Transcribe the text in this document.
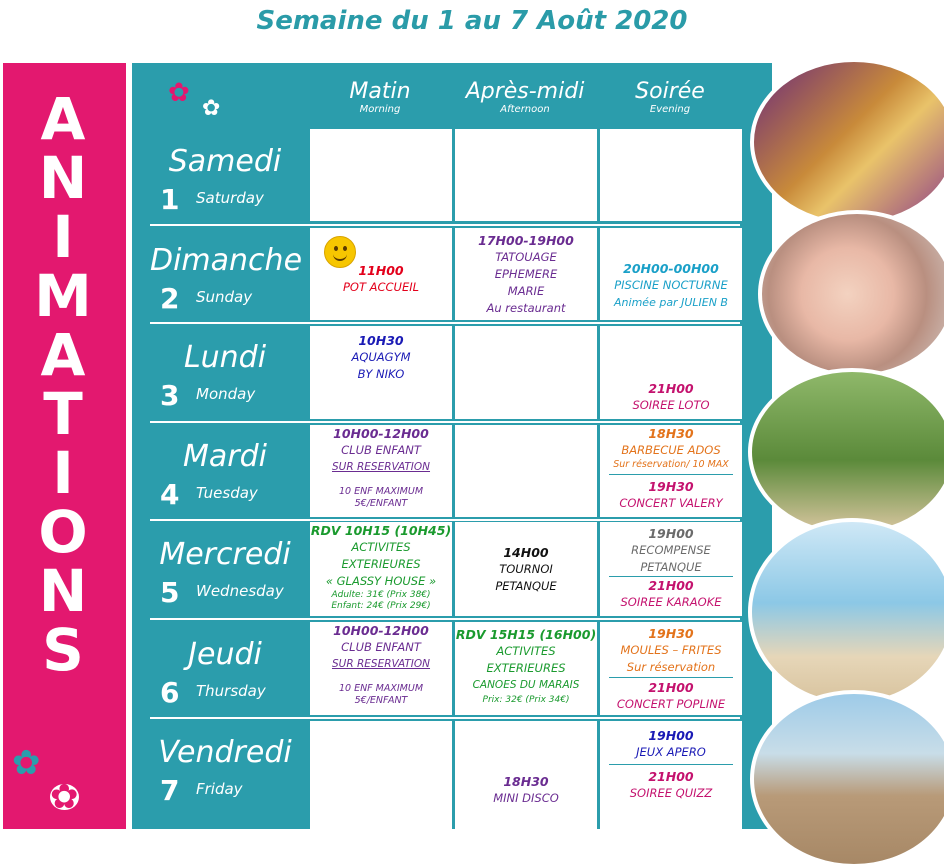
Semaine du 1 au 7 Août 2020
A
N
I
M
A
T
I
O
N
S
✿
✿
✿
✿
Matin
Morning
Après-midi
Afternoon
Soirée
Evening
Samedi
1 Saturday
Dimanche
2 Sunday
Lundi
3 Monday
Mardi
4 Tuesday
Mercredi
5 Wednesday
Jeudi
6 Thursday
Vendredi
7 Friday
11H00
POT ACCUEIL
17H00-19H00
TATOUAGE
EPHEMERE
MARIE
Au restaurant
20H00-00H00
PISCINE NOCTURNE
Animée par JULIEN B
10H30
AQUAGYM
BY NIKO
21H00
SOIREE LOTO
10H00-12H00
CLUB ENFANT
SUR RESERVATION
10 ENF MAXIMUM
5€/ENFANT
18H30
BARBECUE ADOS
Sur réservation/ 10 MAX
19H30
CONCERT VALERY
RDV 10H15 (10H45)
ACTIVITES
EXTERIEURES
« GLASSY HOUSE »
Adulte: 31€ (Prix 38€)
Enfant: 24€ (Prix 29€)
14H00
TOURNOI
PETANQUE
19H00
RECOMPENSE
PETANQUE
21H00
SOIREE KARAOKE
10H00-12H00
CLUB ENFANT
SUR RESERVATION
10 ENF MAXIMUM
5€/ENFANT
RDV 15H15 (16H00)
ACTIVITES
EXTERIEURES
CANOES DU MARAIS
Prix: 32€ (Prix 34€)
19H30
MOULES – FRITES
Sur réservation
21H00
CONCERT POPLINE
18H30
MINI DISCO
19H00
JEUX APERO
21H00
SOIREE QUIZZ
